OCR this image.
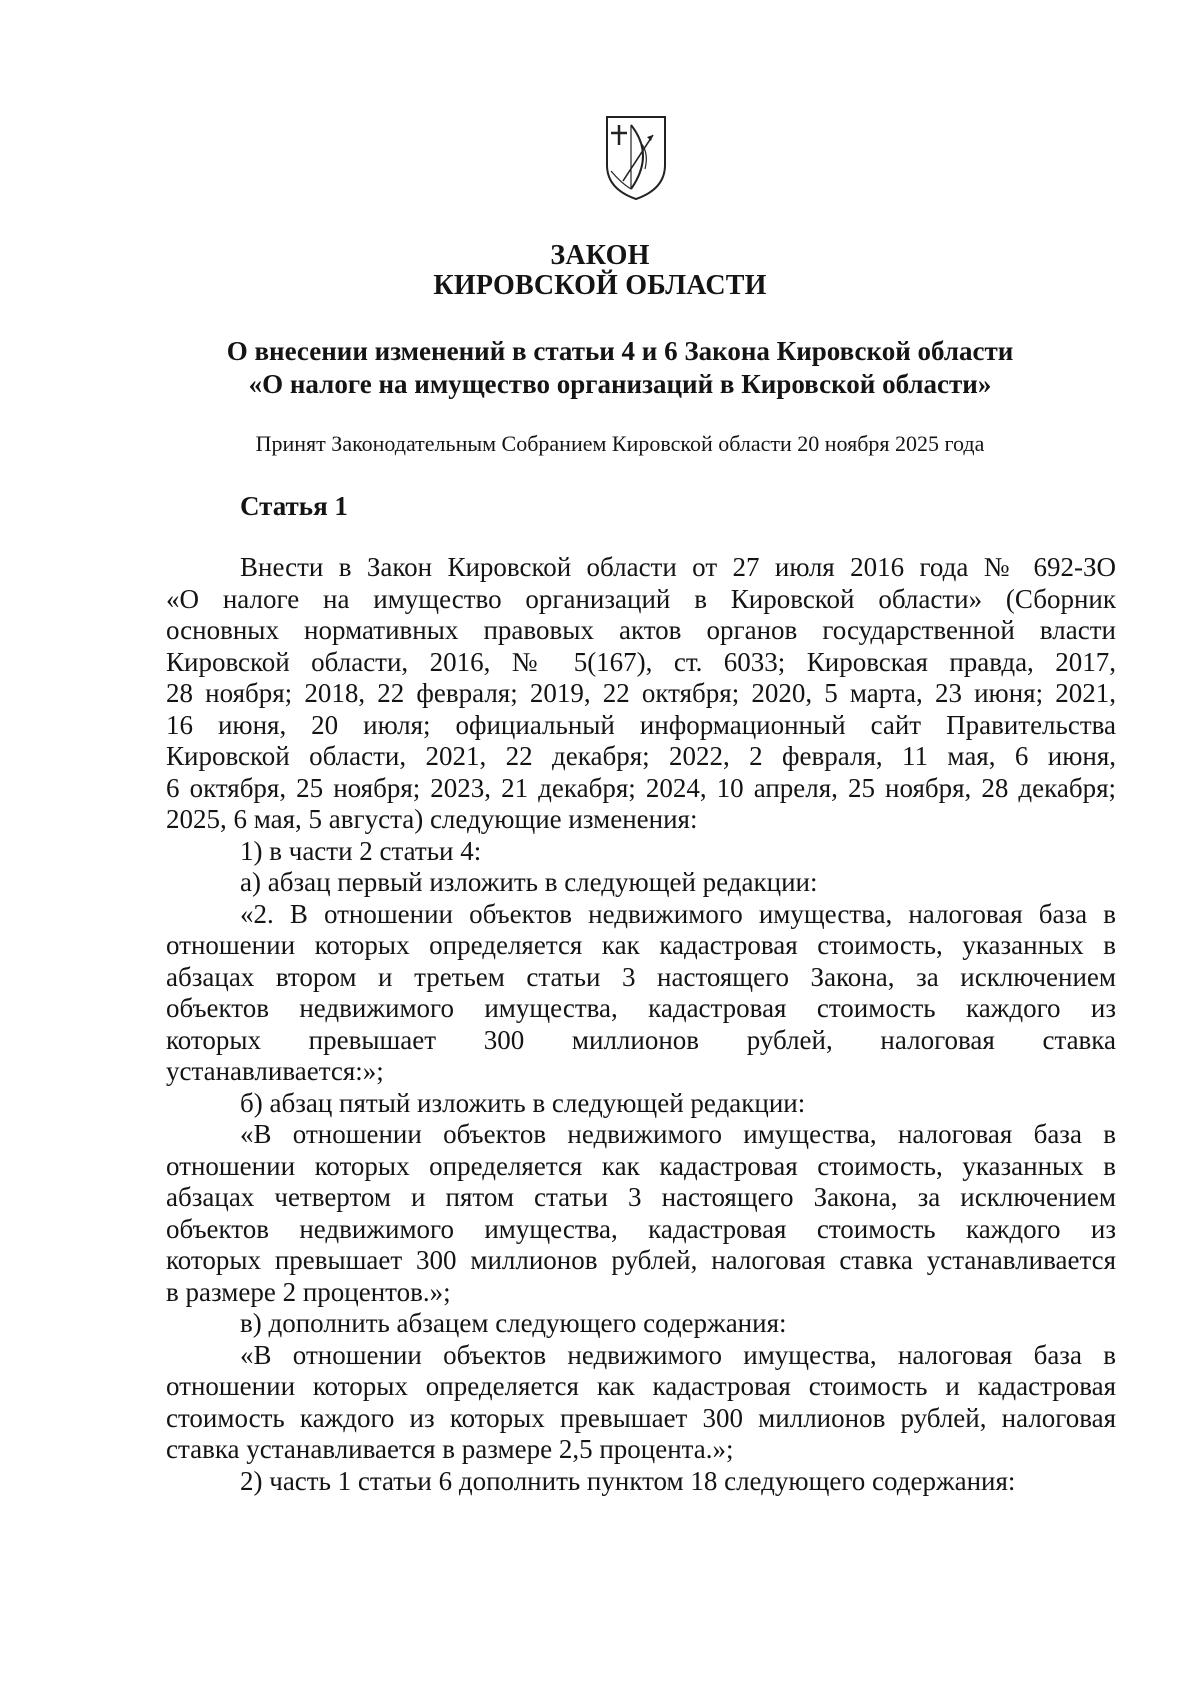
ЗАКОН
КИРОВСКОЙ ОБЛАСТИ
О внесении изменений в статьи 4 и 6 Закона Кировской области
«О налоге на имущество организаций в Кировской области»
Принят Законодательным Собранием Кировской области 20 ноября 2025 года
Статья 1
Внести в Закон Кировской области от 27 июля 2016 года № 692-ЗО
«О налоге на имущество организаций в Кировской области» (Сборник
основных нормативных правовых актов органов государственной власти
Кировской области, 2016, № 5(167), ст. 6033; Кировская правда, 2017,
28 ноября; 2018, 22 февраля; 2019, 22 октября; 2020, 5 марта, 23 июня; 2021,
16 июня, 20 июля; официальный информационный сайт Правительства
Кировской области, 2021, 22 декабря; 2022, 2 февраля, 11 мая, 6 июня,
6 октября, 25 ноября; 2023, 21 декабря; 2024, 10 апреля, 25 ноября, 28 декабря;
2025, 6 мая, 5 августа) следующие изменения:
1) в части 2 статьи 4:
а) абзац первый изложить в следующей редакции:
«2. В отношении объектов недвижимого имущества, налоговая база в
отношении которых определяется как кадастровая стоимость, указанных в
абзацах втором и третьем статьи 3 настоящего Закона, за исключением
объектов недвижимого имущества, кадастровая стоимость каждого из
которых превышает 300 миллионов рублей, налоговая ставка
устанавливается:»;
б) абзац пятый изложить в следующей редакции:
«В отношении объектов недвижимого имущества, налоговая база в
отношении которых определяется как кадастровая стоимость, указанных в
абзацах четвертом и пятом статьи 3 настоящего Закона, за исключением
объектов недвижимого имущества, кадастровая стоимость каждого из
которых превышает 300 миллионов рублей, налоговая ставка устанавливается
в размере 2 процентов.»;
в) дополнить абзацем следующего содержания:
«В отношении объектов недвижимого имущества, налоговая база в
отношении которых определяется как кадастровая стоимость и кадастровая
стоимость каждого из которых превышает 300 миллионов рублей, налоговая
ставка устанавливается в размере 2,5 процента.»;
2) часть 1 статьи 6 дополнить пунктом 18 следующего содержания:
